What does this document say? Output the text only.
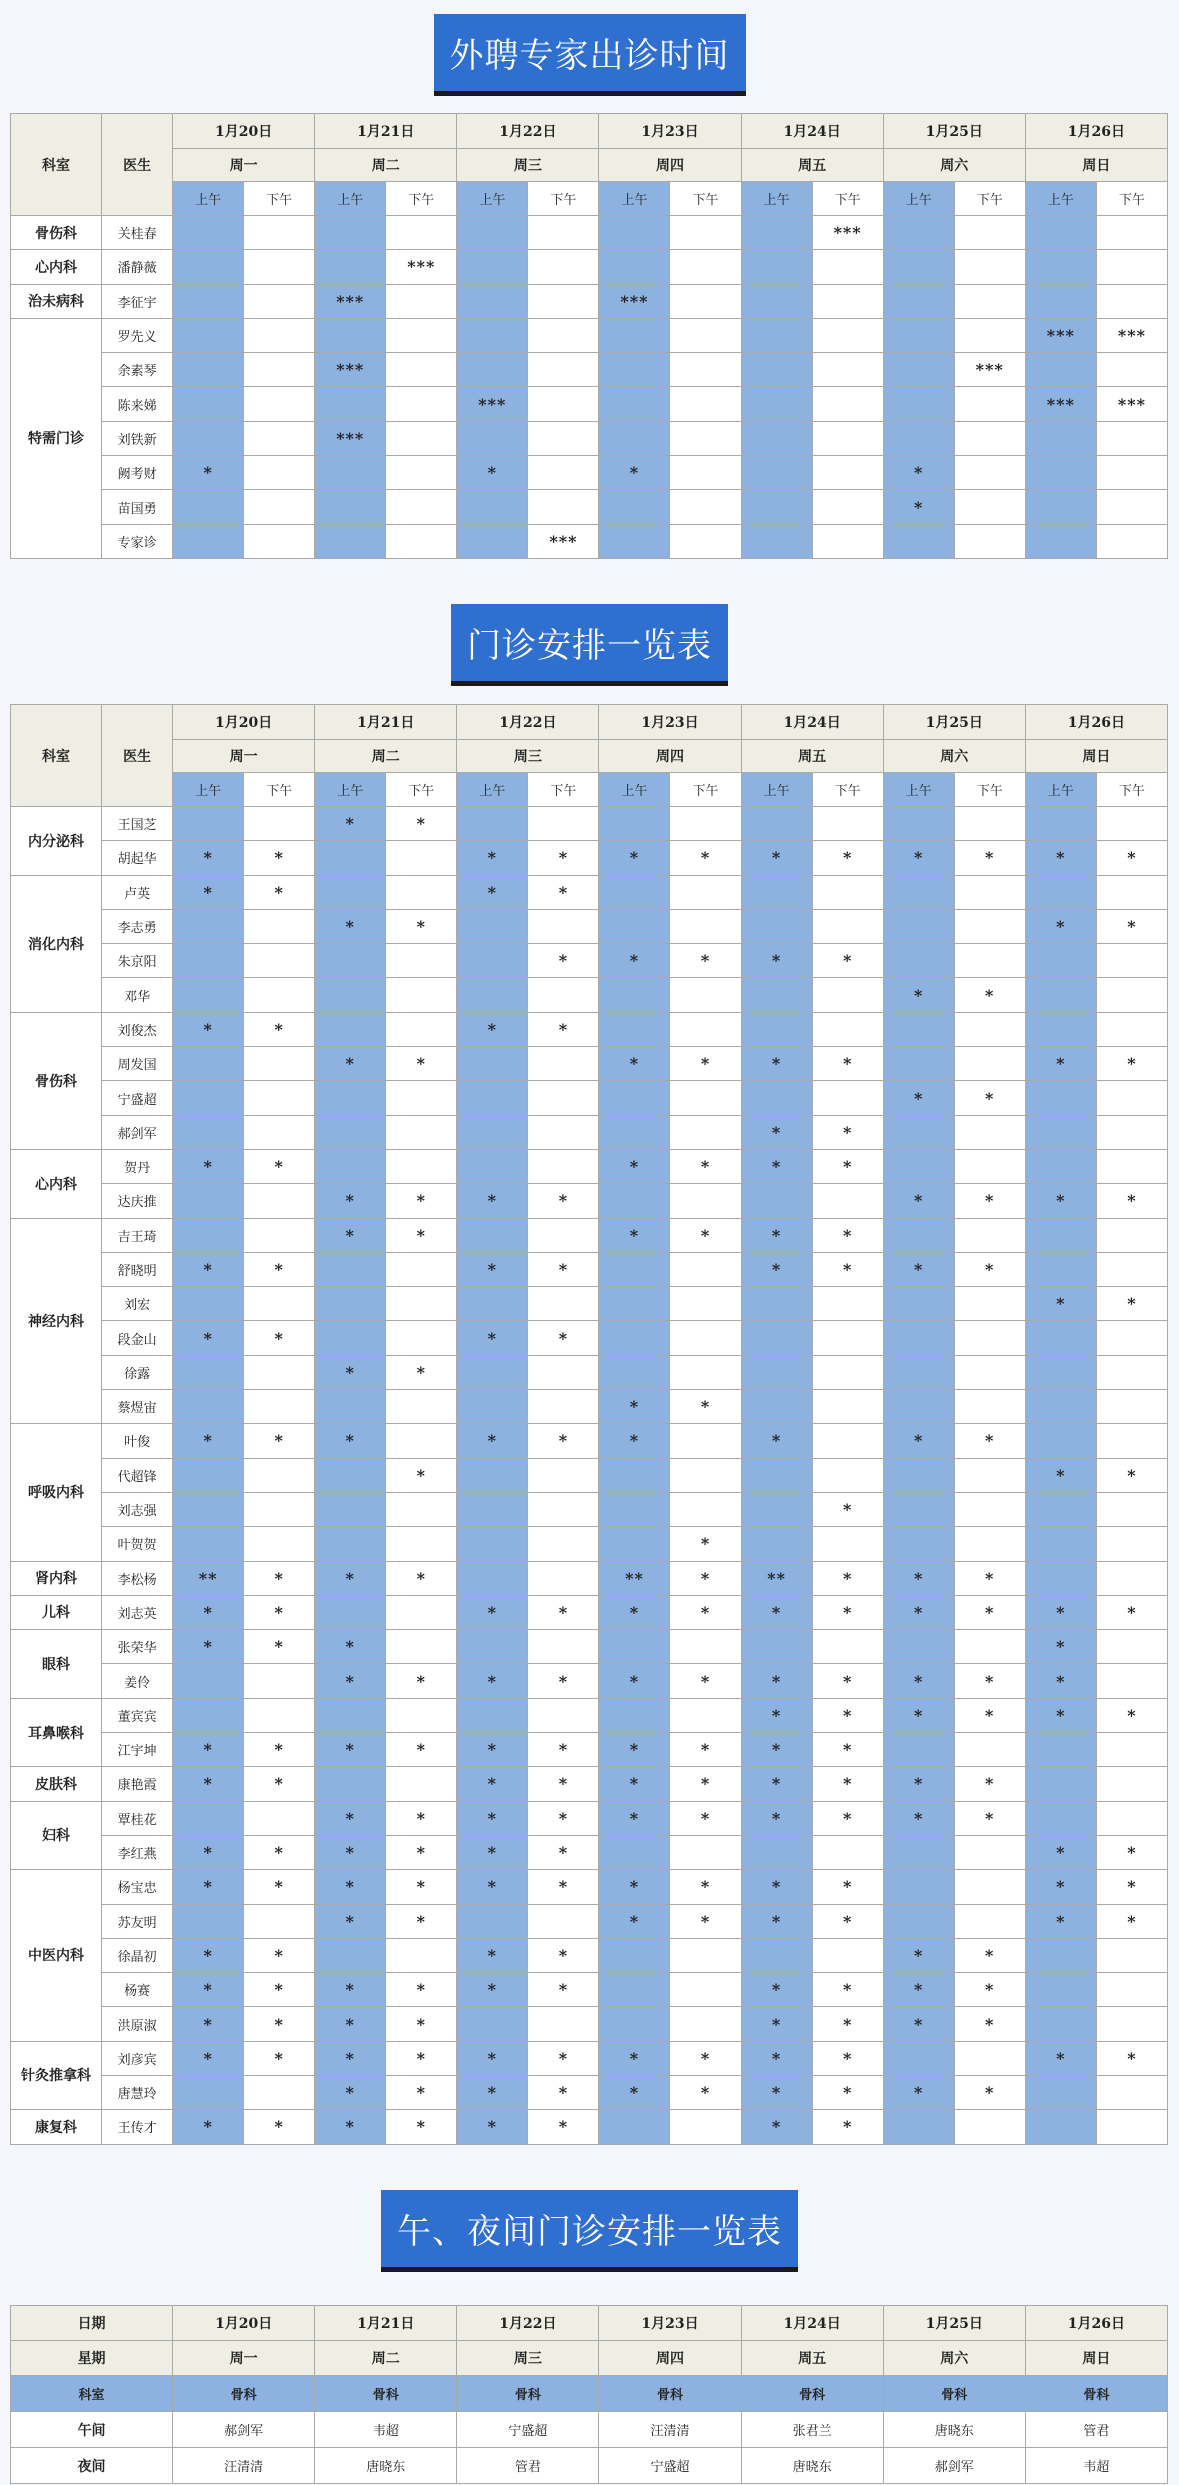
外聘专家出诊时间
科室	医生	1月20日		1月21日		1月22日		1月23日		1月24日		1月25日		1月26日	
		周一		周二		周三		周四		周五		周六		周日	
		上午	下午	上午	下午	上午	下午	上午	下午	上午	下午	上午	下午	上午	下午
骨伤科	关桂春										***				
心内科	潘静薇				***										
治未病科	李征宇			***				***							
特需门诊	罗先义													***	***
	余素琴			***									***		
	陈来娣					***								***	***
	刘铁新			***											
	阙考财	*				*		*				*			
	苗国勇											*			
	专家诊						***								
门诊安排一览表
科室	医生	1月20日		1月21日		1月22日		1月23日		1月24日		1月25日		1月26日	
		周一		周二		周三		周四		周五		周六		周日	
		上午	下午	上午	下午	上午	下午	上午	下午	上午	下午	上午	下午	上午	下午
内分泌科	王国芝			*	*										
	胡起华	*	*			*	*	*	*	*	*	*	*	*	*
消化内科	卢英	*	*			*	*								
	李志勇			*	*									*	*
	朱京阳						*	*	*	*	*				
	邓华											*	*		
骨伤科	刘俊杰	*	*			*	*								
	周发国			*	*			*	*	*	*			*	*
	宁盛超											*	*		
	郝剑军									*	*				
心内科	贺丹	*	*					*	*	*	*				
	达庆推			*	*	*	*					*	*	*	*
神经内科	吉王琦			*	*			*	*	*	*				
	舒晓明	*	*			*	*			*	*	*	*		
	刘宏													*	*
	段金山	*	*			*	*								
	徐露			*	*										
	蔡煜宙							*	*						
呼吸内科	叶俊	*	*	*		*	*	*		*		*	*		
	代超锋				*									*	*
	刘志强										*				
	叶贺贺								*						
肾内科	李松杨	**	*	*	*			**	*	**	*	*	*		
儿科	刘志英	*	*			*	*	*	*	*	*	*	*	*	*
眼科	张荣华	*	*	*										*	
	姜伶			*	*	*	*	*	*	*	*	*	*	*	
耳鼻喉科	董宾宾									*	*	*	*	*	*
	江宇坤	*	*	*	*	*	*	*	*	*	*				
皮肤科	康艳霞	*	*			*	*	*	*	*	*	*	*		
妇科	覃桂花			*	*	*	*	*	*	*	*	*	*		
	李红燕	*	*	*	*	*	*							*	*
中医内科	杨宝忠	*	*	*	*	*	*	*	*	*	*			*	*
	苏友明			*	*			*	*	*	*			*	*
	徐晶初	*	*			*	*					*	*		
	杨赛	*	*	*	*	*	*			*	*	*	*		
	洪原淑	*	*	*	*					*	*	*	*		
针灸推拿科	刘彦宾	*	*	*	*	*	*	*	*	*	*			*	*
	唐慧玲			*	*	*	*	*	*	*	*	*	*		
康复科	王传才	*	*	*	*	*	*			*	*				
午、夜间门诊安排一览表
日期	1月20日	1月21日	1月22日	1月23日	1月24日	1月25日	1月26日
星期	周一	周二	周三	周四	周五	周六	周日
科室	骨科	骨科	骨科	骨科	骨科	骨科	骨科
午间	郝剑军	韦超	宁盛超	汪清清	张君兰	唐晓东	管君
夜间	汪清清	唐晓东	管君	宁盛超	唐晓东	郝剑军	韦超
